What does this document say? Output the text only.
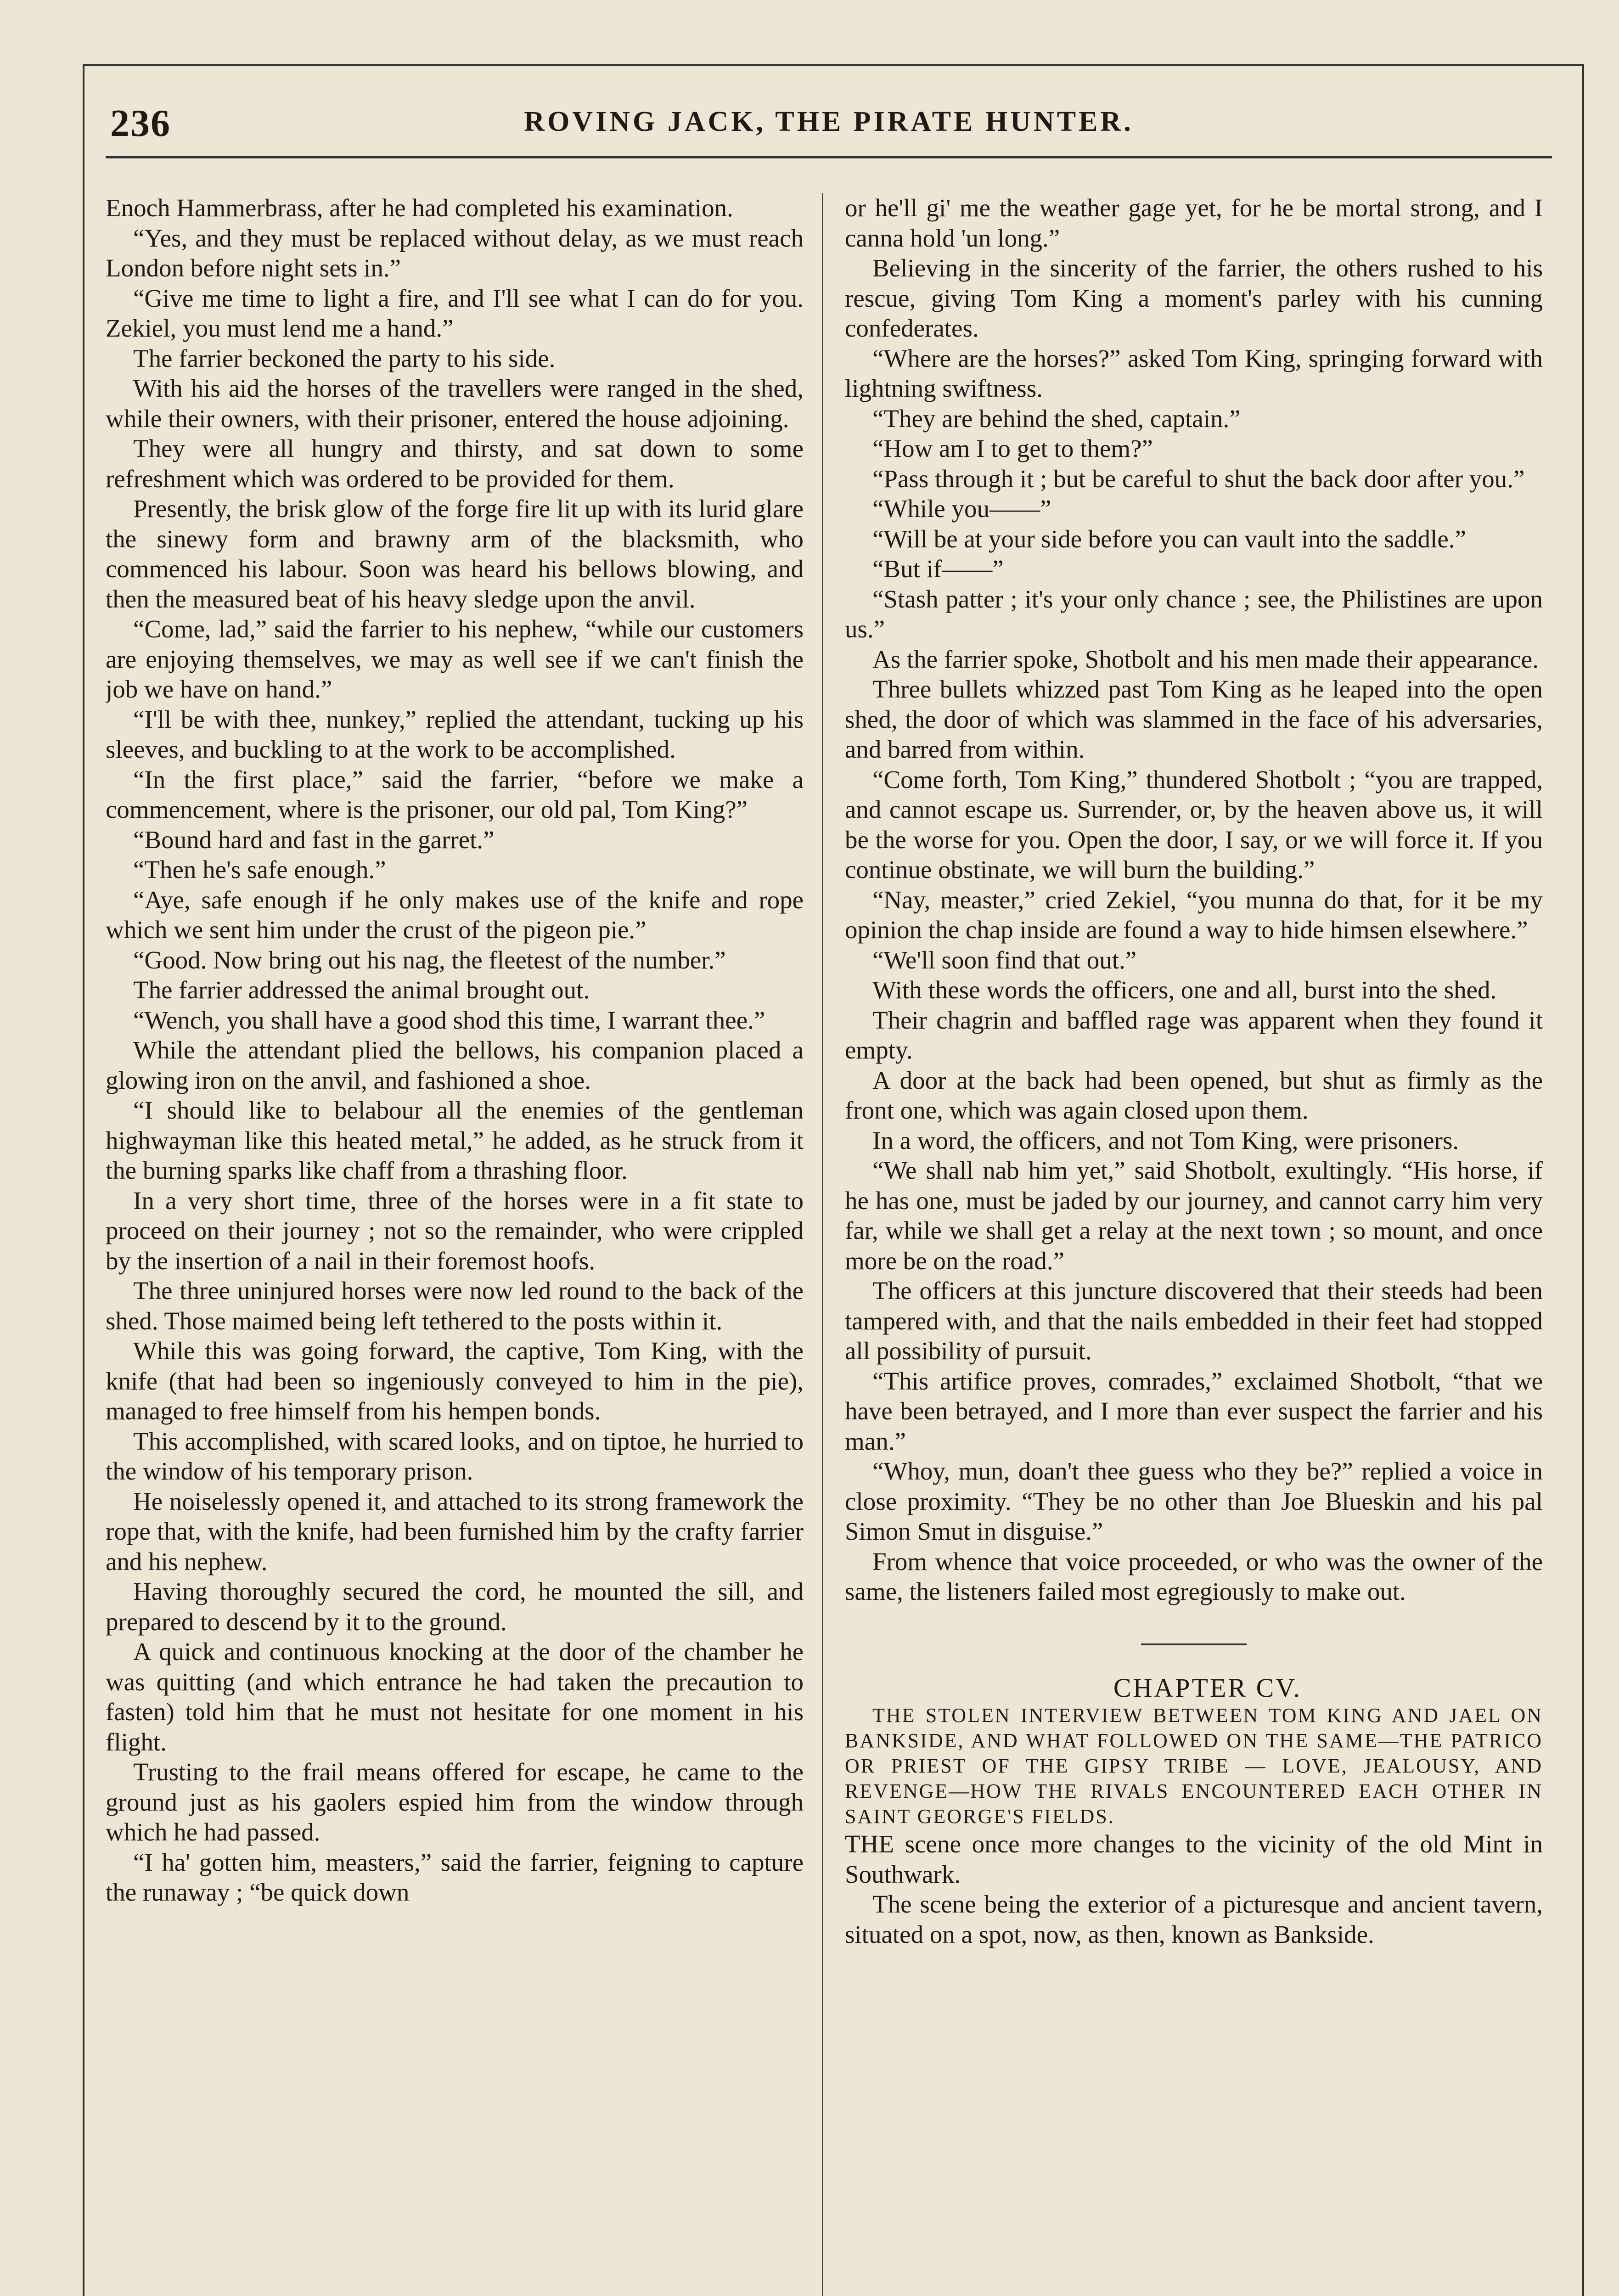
236	ROVING JACK, THE PIRATE HUNTER.

Enoch Hammerbrass, after he had completed his examination.

“Yes, and they must be replaced without delay, as we must reach London before night sets in.”

“Give me time to light a fire, and I'll see what I can do for you. Zekiel, you must lend me a hand.”

The farrier beckoned the party to his side.

With his aid the horses of the travellers were ranged in the shed, while their owners, with their prisoner, entered the house adjoining.

They were all hungry and thirsty, and sat down to some refreshment which was ordered to be provided for them.

Presently, the brisk glow of the forge fire lit up with its lurid glare the sinewy form and brawny arm of the blacksmith, who commenced his labour. Soon was heard his bellows blowing, and then the measured beat of his heavy sledge upon the anvil.

“Come, lad,” said the farrier to his nephew, “while our customers are enjoying themselves, we may as well see if we can't finish the job we have on hand.”

“I'll be with thee, nunkey,” replied the attendant, tucking up his sleeves, and buckling to at the work to be accomplished.

“In the first place,” said the farrier, “before we make a commencement, where is the prisoner, our old pal, Tom King?”

“Bound hard and fast in the garret.”

“Then he's safe enough.”

“Aye, safe enough if he only makes use of the knife and rope which we sent him under the crust of the pigeon pie.”

“Good. Now bring out his nag, the fleetest of the number.”

The farrier addressed the animal brought out.

“Wench, you shall have a good shod this time, I warrant thee.”

While the attendant plied the bellows, his companion placed a glowing iron on the anvil, and fashioned a shoe.

“I should like to belabour all the enemies of the gentleman highwayman like this heated metal,” he added, as he struck from it the burning sparks like chaff from a thrashing floor.

In a very short time, three of the horses were in a fit state to proceed on their journey ; not so the remainder, who were crippled by the insertion of a nail in their foremost hoofs.

The three uninjured horses were now led round to the back of the shed. Those maimed being left tethered to the posts within it.

While this was going forward, the captive, Tom King, with the knife (that had been so ingeniously conveyed to him in the pie), managed to free himself from his hempen bonds.

This accomplished, with scared looks, and on tiptoe, he hurried to the window of his temporary prison.

He noiselessly opened it, and attached to its strong framework the rope that, with the knife, had been furnished him by the crafty farrier and his nephew.

Having thoroughly secured the cord, he mounted the sill, and prepared to descend by it to the ground.

A quick and continuous knocking at the door of the chamber he was quitting (and which entrance he had taken the precaution to fasten) told him that he must not hesitate for one moment in his flight.

Trusting to the frail means offered for escape, he came to the ground just as his gaolers espied him from the window through which he had passed.

“I ha' gotten him, measters,” said the farrier, feigning to capture the runaway ; “be quick down

or he'll gi' me the weather gage yet, for he be mortal strong, and I canna hold 'un long.”

Believing in the sincerity of the farrier, the others rushed to his rescue, giving Tom King a moment's parley with his cunning confederates.

“Where are the horses?” asked Tom King, springing forward with lightning swiftness.

“They are behind the shed, captain.”

“How am I to get to them?”

“Pass through it ; but be careful to shut the back door after you.”

“While you——”

“Will be at your side before you can vault into the saddle.”

“But if——”

“Stash patter ; it's your only chance ; see, the Philistines are upon us.”

As the farrier spoke, Shotbolt and his men made their appearance.

Three bullets whizzed past Tom King as he leaped into the open shed, the door of which was slammed in the face of his adversaries, and barred from within.

“Come forth, Tom King,” thundered Shotbolt ; “you are trapped, and cannot escape us. Surrender, or, by the heaven above us, it will be the worse for you. Open the door, I say, or we will force it. If you continue obstinate, we will burn the building.”

“Nay, measter,” cried Zekiel, “you munna do that, for it be my opinion the chap inside are found a way to hide himsen elsewhere.”

“We'll soon find that out.”

With these words the officers, one and all, burst into the shed.

Their chagrin and baffled rage was apparent when they found it empty.

A door at the back had been opened, but shut as firmly as the front one, which was again closed upon them.

In a word, the officers, and not Tom King, were prisoners.

“We shall nab him yet,” said Shotbolt, exultingly. “His horse, if he has one, must be jaded by our journey, and cannot carry him very far, while we shall get a relay at the next town ; so mount, and once more be on the road.”

The officers at this juncture discovered that their steeds had been tampered with, and that the nails embedded in their feet had stopped all possibility of pursuit.

“This artifice proves, comrades,” exclaimed Shotbolt, “that we have been betrayed, and I more than ever suspect the farrier and his man.”

“Whoy, mun, doan't thee guess who they be?” replied a voice in close proximity. “They be no other than Joe Blueskin and his pal Simon Smut in disguise.”

From whence that voice proceeded, or who was the owner of the same, the listeners failed most egregiously to make out.

CHAPTER CV.

THE STOLEN INTERVIEW BETWEEN TOM KING AND JAEL ON BANKSIDE, AND WHAT FOLLOWED ON THE SAME—THE PATRICO OR PRIEST OF THE GIPSY TRIBE — LOVE, JEALOUSY, AND REVENGE—HOW THE RIVALS ENCOUNTERED EACH OTHER IN SAINT GEORGE'S FIELDS.

THE scene once more changes to the vicinity of the old Mint in Southwark.

The scene being the exterior of a picturesque and ancient tavern, situated on a spot, now, as then, known as Bankside.
